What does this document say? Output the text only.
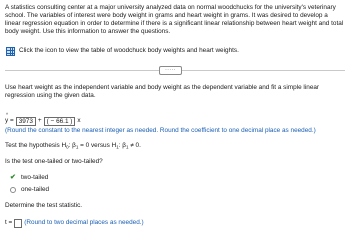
A statistics consulting center at a major university analyzed data on normal woodchucks for the university's veterinary school. The variables of interest were body weight in grams and heart weight in grams. It was desired to develop a linear regression equation in order to determine if there is a significant linear relationship between heart weight and total body weight. Use this information to answer the questions.
Click the icon to view the table of woodchuck body weights and heart weights.
·····
Use heart weight as the independent variable and body weight as the dependent variable and fit a simple linear regression using the given data.
^
y = 3973 + ( − 66.1 ) x
(Round the constant to the nearest integer as needed. Round the coefficient to one decimal place as needed.)
Test the hypothesis $H_0$: $\beta_1 = 0$ versus $H_1$: $\beta_1 \ne 0$.
Is the test one-tailed or two-tailed?
✔ two-tailed
one-tailed
Determine the test statistic.
t = (Round to two decimal places as needed.)
